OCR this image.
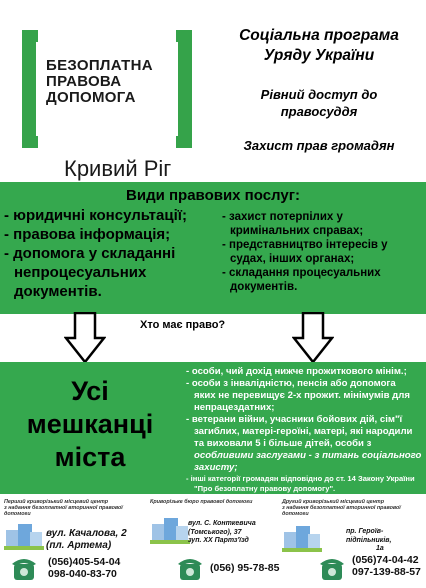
БЕЗОПЛАТНА
ПРАВОВА
ДОПОМОГА
Кривий Ріг
Соціальна програма
Уряду України
Рівний доступ до
правосуддя
Захист прав громадян
Види правових послуг:
- юридичні консультації;
- правова інформація;
- допомога у складанні
непроцесуальних
документів.
- захист потерпілих у
кримінальних справах;
- представництво інтересів у
судах, інших органах;
- складання процесуальних
документів.
Хто має право?
Усі
мешканці
міста
- особи, чий дохід нижче прожиткового мінім.;
- особи з інвалідністю, пенсія або допомога
яких не перевищує 2-х прожит. мінімумів для
непрацездатних;
- ветерани війни, учасники бойових дій, сім"ї
загиблих, матері-героїні, матері, які народили
та виховали 5 і більше дітей, особи з
особливими заслугами - з питань соціального
захисту;
- інші категорії громадян відповідно до ст. 14 Закону України
"Про безоплатну правову допомогу".
Перший криворізький місцевий центр
з надання безоплатної вторинної правової допомоги
вул. Качалова, 2
(пл. Артема)
(056)405-54-04
098-040-83-70
Криворізьке бюро правової допомоги
вул. С. Конткевича
(Томського), 37
зуп. ХХ Партз'їзд
(056) 95-78-85
Другий криворізький місцевий центр
з надання безоплатної вторинної правової
допомоги
пр. Героїв-підпільників,
1а
(056)74-04-42
097-139-88-57
